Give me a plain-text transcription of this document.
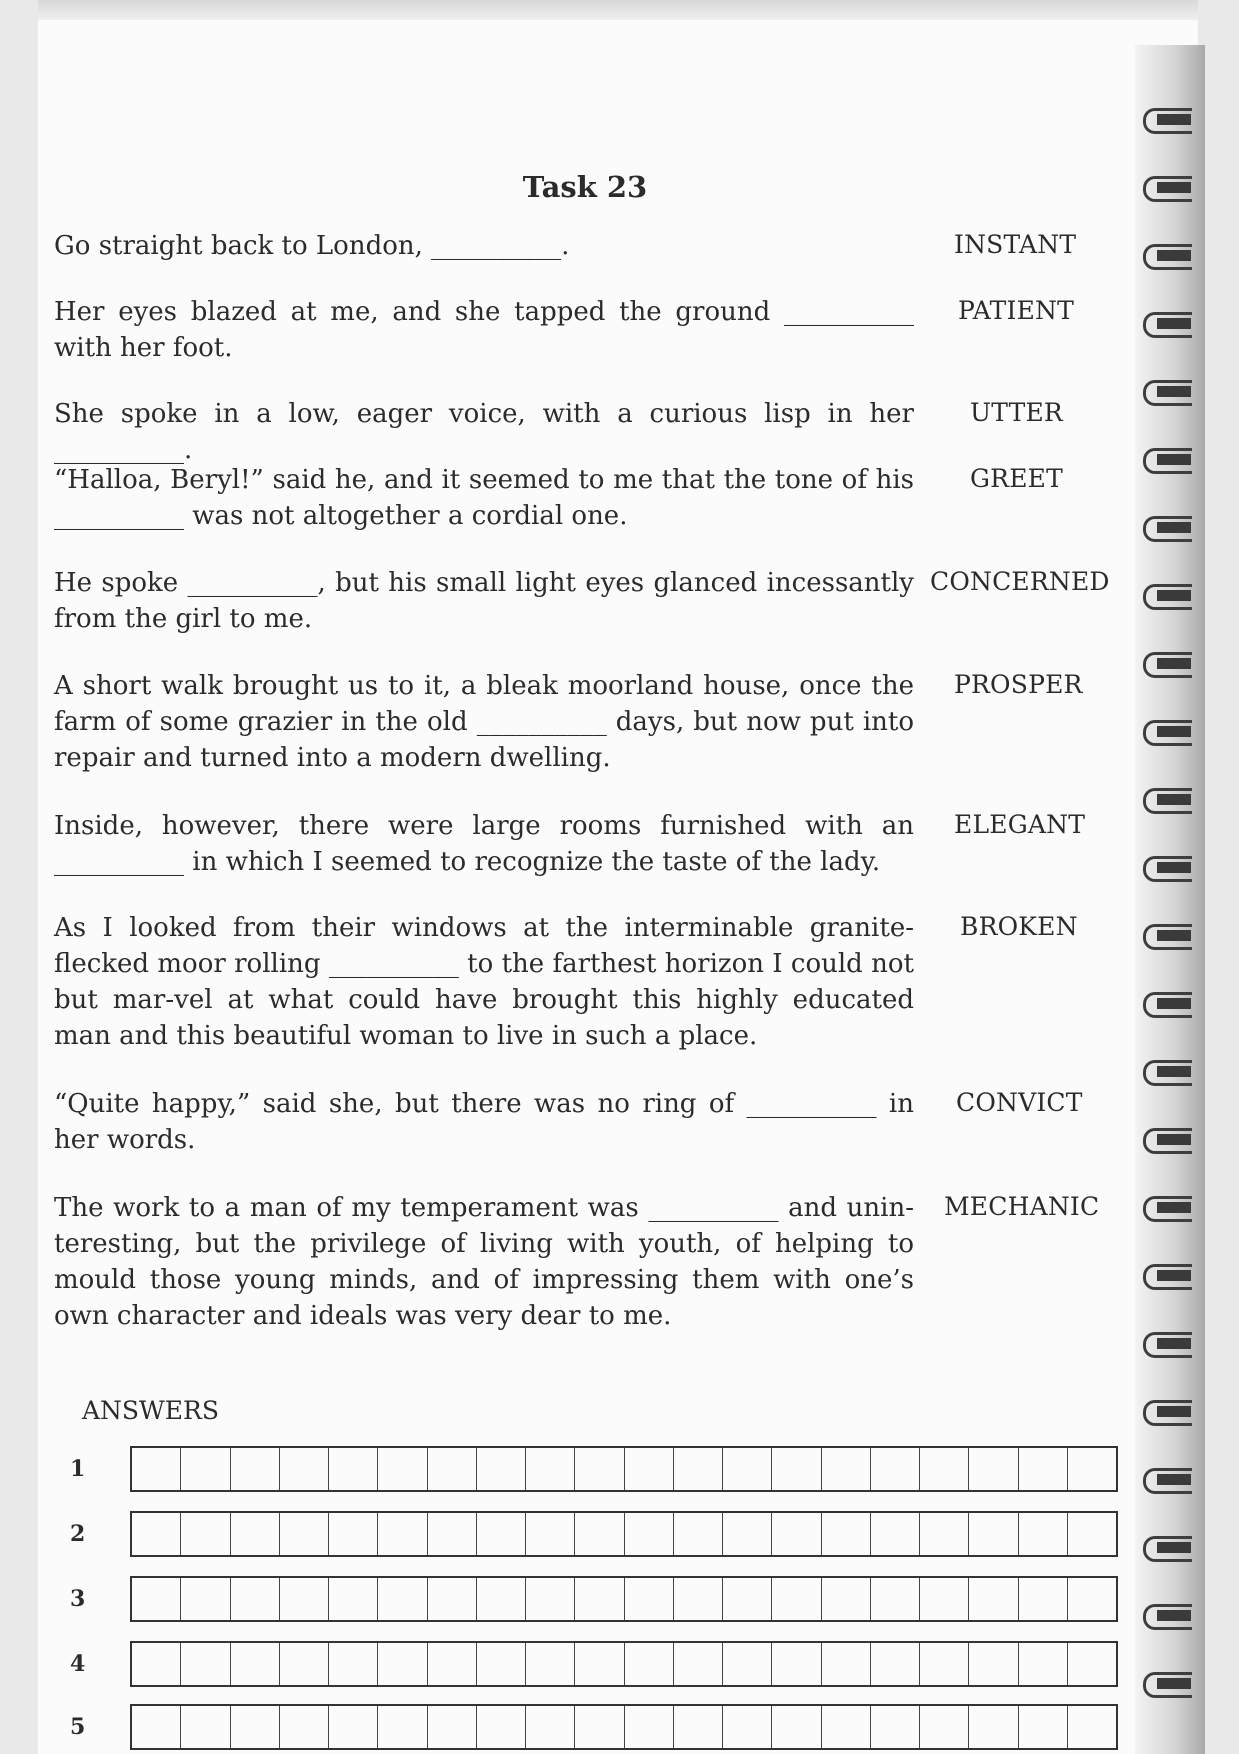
Task 23
Go straight back to London, __________.	INSTANT
Her eyes blazed at me, and she tapped the ground __________ with her foot.
PATIENT
She spoke in a low, eager voice, with a curious lisp in her __________.
UTTER
“Halloa, Beryl!” said he, and it seemed to me that the tone of his __________ was not altogether a cordial one.
GREET
He spoke __________, but his small light eyes glanced incessantly from the girl to me.
CONCERNED
A short walk brought us to it, a bleak moorland house, once the farm of some grazier in the old __________ days, but now put into repair and turned into a modern dwelling.
PROSPER
Inside, however, there were large rooms furnished with an __________ in which I seemed to recognize the taste of the lady.
ELEGANT
As I looked from their windows at the interminable granite-flecked moor rolling __________ to the farthest horizon I could not but mar-vel at what could have brought this highly educated man and this beautiful woman to live in such a place.
BROKEN
“Quite happy,” said she, but there was no ring of __________ in her words.
CONVICT
The work to a man of my temperament was __________ and unin-teresting, but the privilege of living with youth, of helping to mould those young minds, and of impressing them with one’s own character and ideals was very dear to me.
MECHANIC
ANSWERS
1
2
3
4
5
